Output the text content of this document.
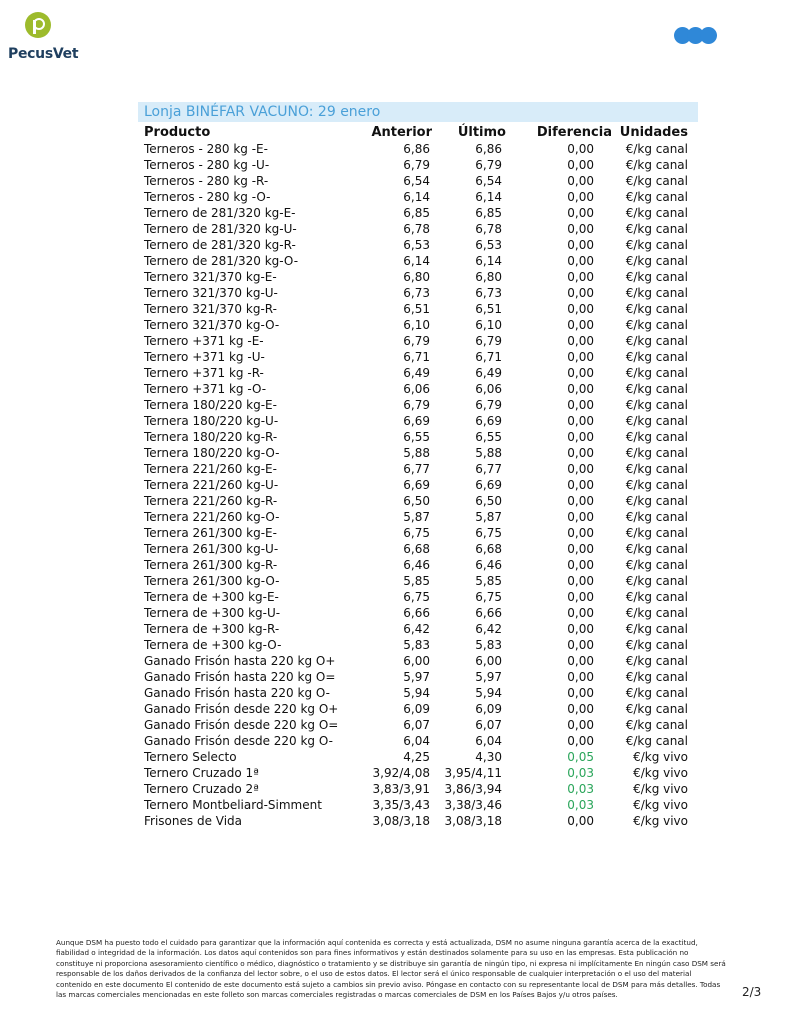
PecusVet
Lonja BINÉFAR VACUNO: 29 enero
Producto	Anterior	Último	Diferencia	Unidades
Terneros - 280 kg -E-	6,86	6,86	0,00	€/kg canal
Terneros - 280 kg -U-	6,79	6,79	0,00	€/kg canal
Terneros - 280 kg -R-	6,54	6,54	0,00	€/kg canal
Terneros - 280 kg -O-	6,14	6,14	0,00	€/kg canal
Ternero de 281/320 kg-E-	6,85	6,85	0,00	€/kg canal
Ternero de 281/320 kg-U-	6,78	6,78	0,00	€/kg canal
Ternero de 281/320 kg-R-	6,53	6,53	0,00	€/kg canal
Ternero de 281/320 kg-O-	6,14	6,14	0,00	€/kg canal
Ternero 321/370 kg-E-	6,80	6,80	0,00	€/kg canal
Ternero 321/370 kg-U-	6,73	6,73	0,00	€/kg canal
Ternero 321/370 kg-R-	6,51	6,51	0,00	€/kg canal
Ternero 321/370 kg-O-	6,10	6,10	0,00	€/kg canal
Ternero +371 kg -E-	6,79	6,79	0,00	€/kg canal
Ternero +371 kg -U-	6,71	6,71	0,00	€/kg canal
Ternero +371 kg -R-	6,49	6,49	0,00	€/kg canal
Ternero +371 kg -O-	6,06	6,06	0,00	€/kg canal
Ternera 180/220 kg-E-	6,79	6,79	0,00	€/kg canal
Ternera 180/220 kg-U-	6,69	6,69	0,00	€/kg canal
Ternera 180/220 kg-R-	6,55	6,55	0,00	€/kg canal
Ternera 180/220 kg-O-	5,88	5,88	0,00	€/kg canal
Ternera 221/260 kg-E-	6,77	6,77	0,00	€/kg canal
Ternera 221/260 kg-U-	6,69	6,69	0,00	€/kg canal
Ternera 221/260 kg-R-	6,50	6,50	0,00	€/kg canal
Ternera 221/260 kg-O-	5,87	5,87	0,00	€/kg canal
Ternera 261/300 kg-E-	6,75	6,75	0,00	€/kg canal
Ternera 261/300 kg-U-	6,68	6,68	0,00	€/kg canal
Ternera 261/300 kg-R-	6,46	6,46	0,00	€/kg canal
Ternera 261/300 kg-O-	5,85	5,85	0,00	€/kg canal
Ternera de +300 kg-E-	6,75	6,75	0,00	€/kg canal
Ternera de +300 kg-U-	6,66	6,66	0,00	€/kg canal
Ternera de +300 kg-R-	6,42	6,42	0,00	€/kg canal
Ternera de +300 kg-O-	5,83	5,83	0,00	€/kg canal
Ganado Frisón hasta 220 kg O+	6,00	6,00	0,00	€/kg canal
Ganado Frisón hasta 220 kg O=	5,97	5,97	0,00	€/kg canal
Ganado Frisón hasta 220 kg O-	5,94	5,94	0,00	€/kg canal
Ganado Frisón desde 220 kg O+	6,09	6,09	0,00	€/kg canal
Ganado Frisón desde 220 kg O=	6,07	6,07	0,00	€/kg canal
Ganado Frisón desde 220 kg O-	6,04	6,04	0,00	€/kg canal
Ternero Selecto	4,25	4,30	0,05	€/kg vivo
Ternero Cruzado 1ª	3,92/4,08	3,95/4,11	0,03	€/kg vivo
Ternero Cruzado 2ª	3,83/3,91	3,86/3,94	0,03	€/kg vivo
Ternero Montbeliard-Simment	3,35/3,43	3,38/3,46	0,03	€/kg vivo
Frisones de Vida	3,08/3,18	3,08/3,18	0,00	€/kg vivo
Aunque DSM ha puesto todo el cuidado para garantizar que la información aquí contenida es correcta y está actualizada, DSM no asume ninguna garantía acerca de la exactitud, fiabilidad o integridad de la información. Los datos aquí contenidos son para fines informativos y están destinados solamente para su uso en las empresas. Esta publicación no constituye ni proporciona asesoramiento científico o médico, diagnóstico o tratamiento y se distribuye sin garantía de ningún tipo, ni expresa ni implícitamente En ningún caso DSM será responsable de los daños derivados de la confianza del lector sobre, o el uso de estos datos. El lector será el único responsable de cualquier interpretación o el uso del material contenido en este documento El contenido de este documento está sujeto a cambios sin previo aviso. Póngase en contacto con su representante local de DSM para más detalles. Todas las marcas comerciales mencionadas en este folleto son marcas comerciales registradas o marcas comerciales de DSM en los Países Bajos y/u otros países.	2/3
